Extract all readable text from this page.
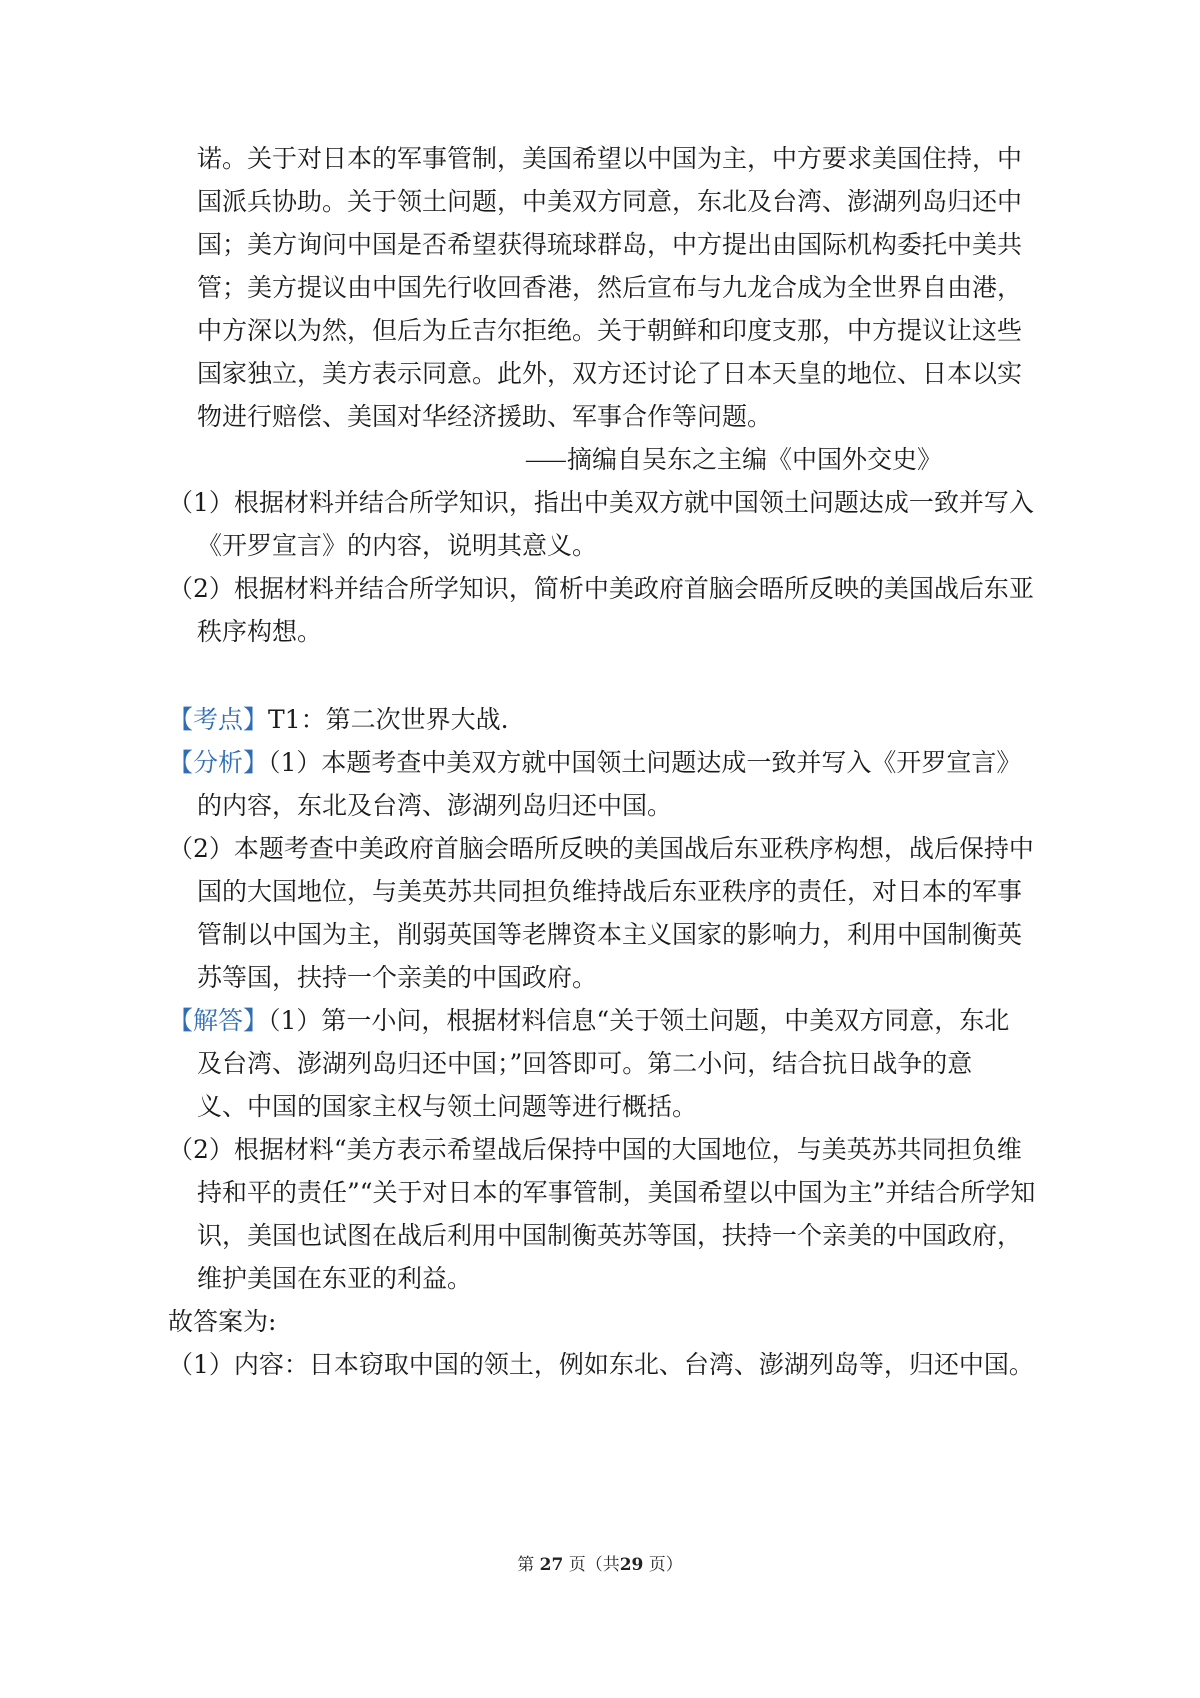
诺。关于对日本的军事管制，美国希望以中国为主，中方要求美国住持，中
国派兵协助。关于领土问题，中美双方同意，东北及台湾、澎湖列岛归还中
国；美方询问中国是否希望获得琉球群岛，中方提出由国际机构委托中美共
管；美方提议由中国先行收回香港，然后宣布与九龙合成为全世界自由港，
中方深以为然，但后为丘吉尔拒绝。关于朝鲜和印度支那，中方提议让这些
国家独立，美方表示同意。此外，双方还讨论了日本天皇的地位、日本以实
物进行赔偿、美国对华经济援助、军事合作等问题。
⸺摘编自吴东之主编《中国外交史》
（1）根据材料并结合所学知识，指出中美双方就中国领土问题达成一致并写入
《开罗宣言》的内容，说明其意义。
（2）根据材料并结合所学知识，简析中美政府首脑会晤所反映的美国战后东亚
秩序构想。
【考点】T1：第二次世界大战.
【分析】（1）本题考查中美双方就中国领土问题达成一致并写入《开罗宣言》
的内容，东北及台湾、澎湖列岛归还中国。
（2）本题考查中美政府首脑会晤所反映的美国战后东亚秩序构想，战后保持中
国的大国地位，与美英苏共同担负维持战后东亚秩序的责任，对日本的军事
管制以中国为主，削弱英国等老牌资本主义国家的影响力，利用中国制衡英
苏等国，扶持一个亲美的中国政府。
【解答】（1）第一小问，根据材料信息“关于领土问题，中美双方同意，东北
及台湾、澎湖列岛归还中国；”回答即可。第二小问，结合抗日战争的意
义、中国的国家主权与领土问题等进行概括。
（2）根据材料“美方表示希望战后保持中国的大国地位，与美英苏共同担负维
持和平的责任”“关于对日本的军事管制，美国希望以中国为主”并结合所学知
识，美国也试图在战后利用中国制衡英苏等国，扶持一个亲美的中国政府，
维护美国在东亚的利益。
故答案为:
（1）内容：日本窃取中国的领土，例如东北、台湾、澎湖列岛等，归还中国。
第 27 页（共29 页）
